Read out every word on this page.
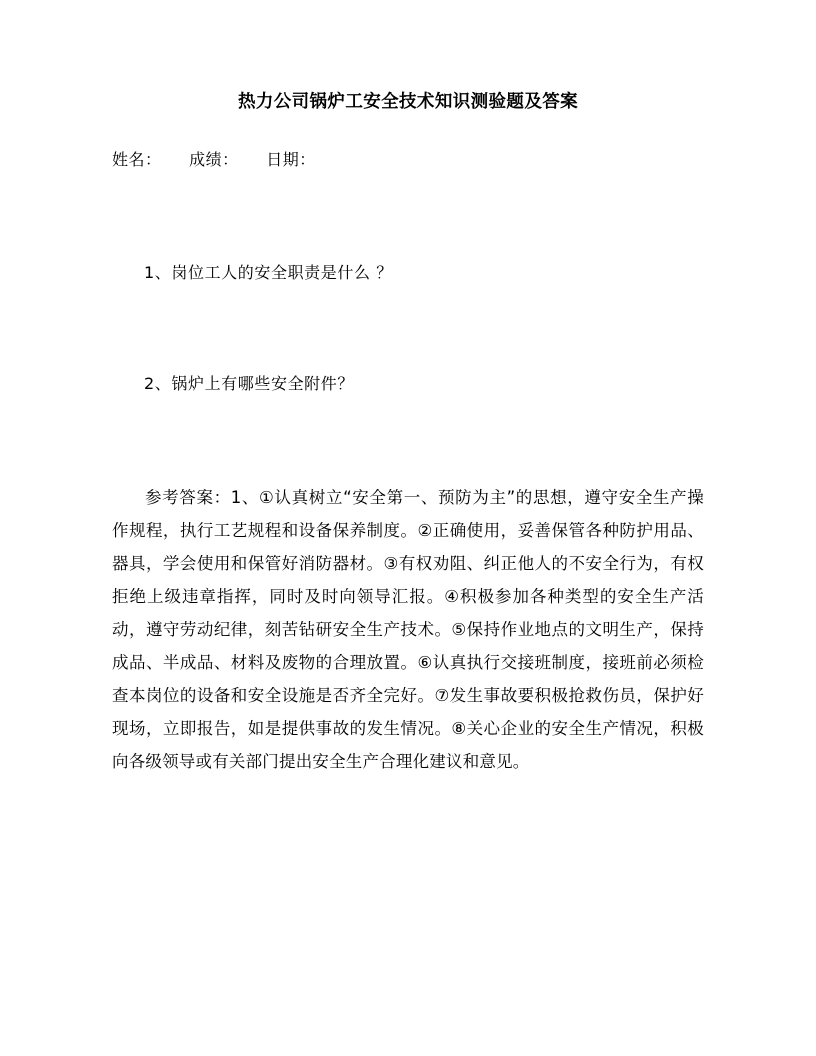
热力公司锅炉工安全技术知识测验题及答案
姓名： 成绩： 日期：

1、岗位工人的安全职责是什么 ？

2、锅炉上有哪些安全附件？

参考答案：1、①认真树立“安全第一、预防为主”的思想，遵守安全生产操作规程，执行工艺规程和设备保养制度。②正确使用，妥善保管各种防护用品、器具，学会使用和保管好消防器材。③有权劝阻、纠正他人的不安全行为，有权拒绝上级违章指挥，同时及时向领导汇报。④积极参加各种类型的安全生产活动，遵守劳动纪律，刻苦钻研安全生产技术。⑤保持作业地点的文明生产，保持成品、半成品、材料及废物的合理放置。⑥认真执行交接班制度，接班前必须检查本岗位的设备和安全设施是否齐全完好。⑦发生事故要积极抢救伤员，保护好现场，立即报告，如是提供事故的发生情况。⑧关心企业的安全生产情况，积极向各级领导或有关部门提出安全生产合理化建议和意见。
